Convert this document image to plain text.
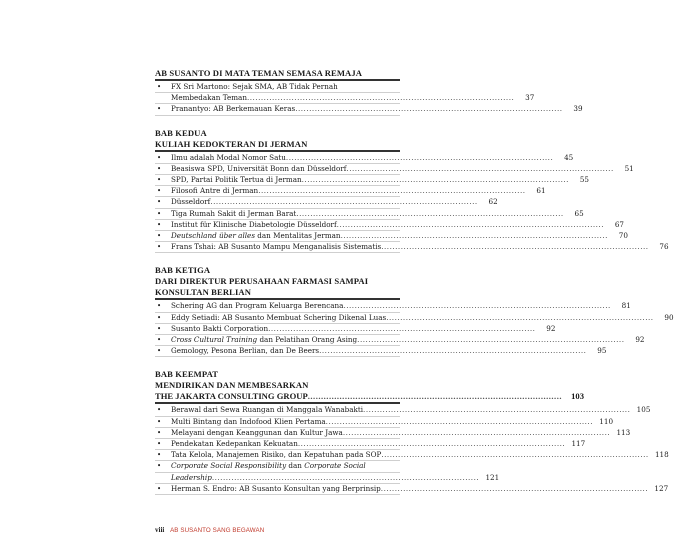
AB SUSANTO DI MATA TEMAN SEMASA REMAJA
•	FX Sri Martono: Sejak SMA, AB Tidak Pernah
Membedakan Teman ................................................................................................	37
•	Pranantyo: AB Berkemauan Keras ................................................................................................	39
BAB KEDUA
KULIAH KEDOKTERAN DI JERMAN
•	Ilmu adalah Modal Nomor Satu ................................................................................................	45
•	Beasiswa SPD, Universität Bonn dan Düsseldorf ................................................................................................	51
•	SPD, Partai Politik Tertua di Jerman ................................................................................................	55
•	Filosofi Antre di Jerman ................................................................................................	61
•	Düsseldorf ................................................................................................	62
•	Tiga Rumah Sakit di Jerman Barat ................................................................................................	65
•	Institut für Klinische Diabetologie Düsseldorf ................................................................................................	67
•	Deutschland über alles dan Mentalitas Jerman ................................................................................................	70
•	Frans Tshai: AB Susanto Mampu Menganalisis Sistematis ................................................................................................	76
BAB KETIGA
DARI DIREKTUR PERUSAHAAN FARMASI SAMPAI
KONSULTAN BERLIAN
•	Schering AG dan Program Keluarga Berencana ................................................................................................	81
•	Eddy Setiadi: AB Susanto Membuat Schering Dikenal Luas ................................................................................................	90
•	Susanto Bakti Corporation ................................................................................................	92
•	Cross Cultural Training dan Pelatihan Orang Asing ................................................................................................	92
•	Gemology, Pesona Berlian, dan De Beers ................................................................................................	95
BAB KEEMPAT
MENDIRIKAN DAN MEMBESARKAN
THE JAKARTA CONSULTING GROUP ................................................................................................	103
•	Berawal dari Sewa Ruangan di Manggala Wanabakti ................................................................................................ 105
•	Multi Bintang dan Indofood Klien Pertama ................................................................................................ 110
•	Melayani dengan Keanggunan dan Kultur Jawa ................................................................................................ 113
•	Pendekatan Kedepankan Kekuatan ................................................................................................ 117
•	Tata Kelola, Manajemen Risiko, dan Kepatuhan pada SOP ................................................................................................ 118
•	Corporate Social Responsibility dan Corporate Social
Leadership ................................................................................................ 121
•	Herman S. Endro: AB Susanto Konsultan yang Berprinsip ................................................................................................ 127
viii AB SUSANTO SANG BEGAWAN
